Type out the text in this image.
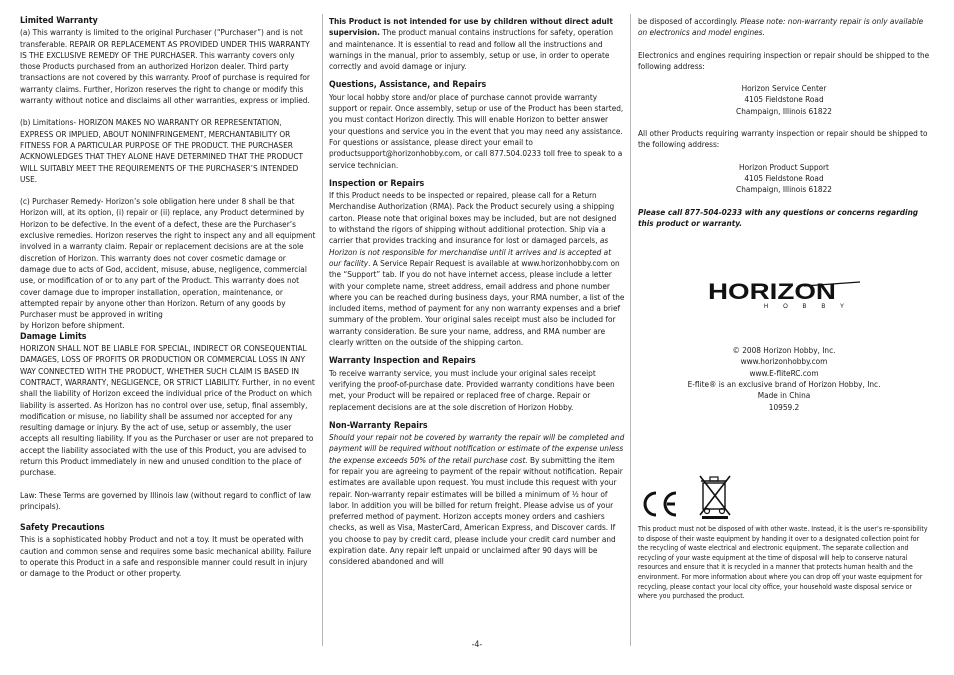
Limited Warranty

(a) This warranty is limited to the original Purchaser (“Purchaser”) and is not transferable. REPAIR OR REPLACEMENT AS PROVIDED UNDER THIS WARRANTY IS THE EXCLUSIVE REMEDY OF THE PURCHASER. This warranty covers only those Products purchased from an authorized Horizon dealer. Third party transactions are not covered by this warranty. Proof of purchase is required for warranty claims. Further, Horizon reserves the right to change or modify this warranty without notice and disclaims all other warranties, express or implied.

(b) Limitations- HORIZON MAKES NO WARRANTY OR REPRESENTATION, EXPRESS OR IMPLIED, ABOUT NONINFRINGEMENT, MERCHANTABILITY OR FITNESS FOR A PARTICULAR PURPOSE OF THE PRODUCT. THE PURCHASER ACKNOWLEDGES THAT THEY ALONE HAVE DETERMINED THAT THE PRODUCT WILL SUITABLY MEET THE REQUIREMENTS OF THE PURCHASER’S INTENDED USE.

(c) Purchaser Remedy- Horizon’s sole obligation here under 8 shall be that Horizon will, at its option, (i) repair or (ii) replace, any Product determined by Horizon to be defective. In the event of a defect, these are the Purchaser’s exclusive remedies. Horizon reserves the right to inspect any and all equipment involved in a warranty claim. Repair or replacement decisions are at the sole discretion of Horizon. This warranty does not cover cosmetic damage or damage due to acts of God, accident, misuse, abuse, negligence, commercial use, or modification of or to any part of the Product. This warranty does not cover damage due to improper installation, operation, maintenance, or attempted repair by anyone other than Horizon. Return of any goods by Purchaser must be approved in writing

by Horizon before shipment.

Damage Limits

HORIZON SHALL NOT BE LIABLE FOR SPECIAL, INDIRECT OR CONSEQUENTIAL DAMAGES, LOSS OF PROFITS OR PRODUCTION OR COMMERCIAL LOSS IN ANY WAY CONNECTED WITH THE PRODUCT, WHETHER SUCH CLAIM IS BASED IN CONTRACT, WARRANTY, NEGLIGENCE, OR STRICT LIABILITY. Further, in no event shall the liability of Horizon exceed the individual price of the Product on which liability is asserted. As Horizon has no control over use, setup, final assembly, modification or misuse, no liability shall be assumed nor accepted for any resulting damage or injury. By the act of use, setup or assembly, the user accepts all resulting liability. If you as the Purchaser or user are not prepared to accept the liability associated with the use of this Product, you are advised to return this Product immediately in new and unused condition to the place of purchase.

Law: These Terms are governed by Illinois law (without regard to conflict of law principals).

Safety Precautions

This is a sophisticated hobby Product and not a toy. It must be operated with caution and common sense and requires some basic mechanical ability. Failure to operate this Product in a safe and responsible manner could result in injury or damage to the Product or other property.

This Product is not intended for use by children without direct adult supervision. The product manual contains instructions for safety, operation and maintenance. It is essential to read and follow all the instructions and warnings in the manual, prior to assembly, setup or use, in order to operate correctly and avoid damage or injury.

Questions, Assistance, and Repairs

Your local hobby store and/or place of purchase cannot provide warranty support or repair. Once assembly, setup or use of the Product has been started, you must contact Horizon directly. This will enable Horizon to better answer your questions and service you in the event that you may need any assistance. For questions or assistance, please direct your email to productsupport@horizonhobby.com, or call 877.504.0233 toll free to speak to a service technician.

Inspection or Repairs

If this Product needs to be inspected or repaired, please call for a Return Merchandise Authorization (RMA). Pack the Product securely using a shipping carton. Please note that original boxes may be included, but are not designed to withstand the rigors of shipping without additional protection. Ship via a carrier that provides tracking and insurance for lost or damaged parcels, as Horizon is not responsible for merchandise until it arrives and is accepted at our facility. A Service Repair Request is available at www.horizonhobby.com on the “Support” tab. If you do not have internet access, please include a letter with your complete name, street address, email address and phone number where you can be reached during business days, your RMA number, a list of the included items, method of payment for any non warranty expenses and a brief summary of the problem. Your original sales receipt must also be included for warranty consideration. Be sure your name, address, and RMA number are clearly written on the outside of the shipping carton.

Warranty Inspection and Repairs

To receive warranty service, you must include your original sales receipt verifying the proof-of-purchase date. Provided warranty conditions have been met, your Product will be repaired or replaced free of charge. Repair or replacement decisions are at the sole discretion of Horizon Hobby.

Non-Warranty Repairs

Should your repair not be covered by warranty the repair will be completed and payment will be required without notification or estimate of the expense unless the expense exceeds 50% of the retail purchase cost. By submitting the item for repair you are agreeing to payment of the repair without notification. Repair estimates are available upon request. You must include this request with your repair. Non-warranty repair estimates will be billed a minimum of ½ hour of labor. In addition you will be billed for return freight. Please advise us of your preferred method of payment. Horizon accepts money orders and cashiers checks, as well as Visa, MasterCard, American Express, and Discover cards. If you choose to pay by credit card, please include your credit card number and expiration date. Any repair left unpaid or unclaimed after 90 days will be considered abandoned and will

be disposed of accordingly. Please note: non-warranty repair is only available on electronics and model engines.

Electronics and engines requiring inspection or repair should be shipped to the following address:

Horizon Service Center
4105 Fieldstone Road
Champaign, Illinois 61822

All other Products requiring warranty inspection or repair should be shipped to the following address:

Horizon Product Support
4105 Fieldstone Road
Champaign, Illinois 61822

Please call 877-504-0233 with any questions or concerns regarding this product or warranty.

HORIZON
H O B B Y
© 2008 Horizon Hobby, Inc.
www.horizonhobby.com
www.E-fliteRC.com
E-flite® is an exclusive brand of Horizon Hobby, Inc.
Made in China
10959.2

This product must not be disposed of with other waste. Instead, it is the user’s re-sponsibility to dispose of their waste equipment by handing it over to a designated collection point for the recycling of waste electrical and electronic equipment. The separate collection and recycling of your waste equipment at the time of disposal will help to conserve natural resources and ensure that it is recycled in a manner that protects human health and the environment. For more information about where you can drop off your waste equipment for recycling, please contact your local city office, your household waste disposal service or where you purchased the product.

-4-
